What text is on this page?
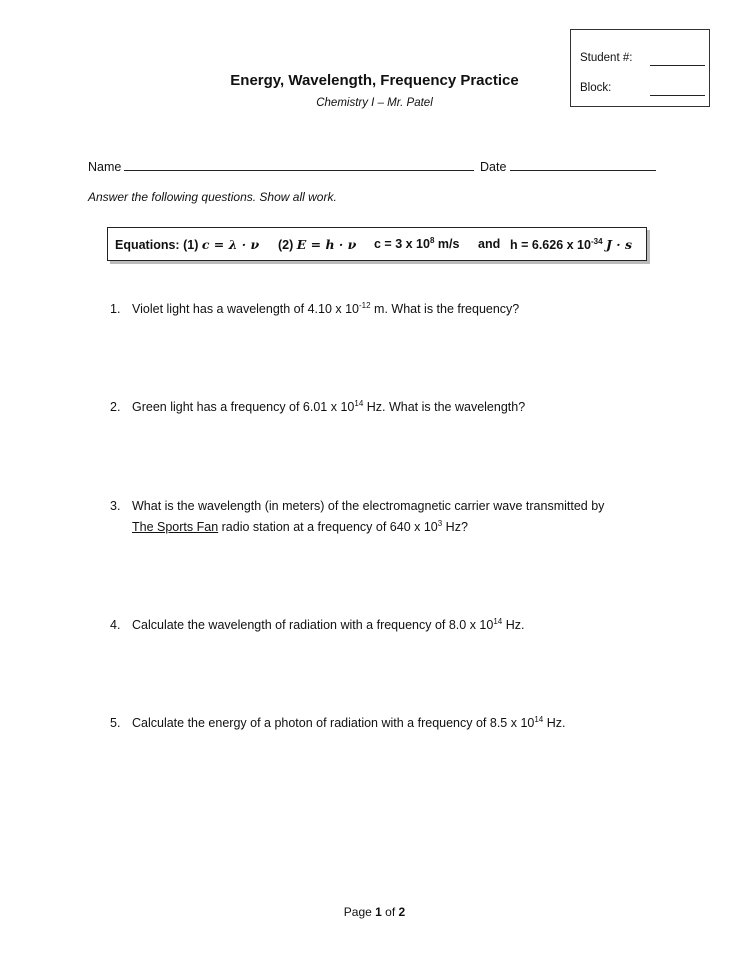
Student #:
Block:
Energy, Wavelength, Frequency Practice
Chemistry I – Mr. Patel
Name	Date
Answer the following questions. Show all work.
Equations: (1) c = λ · ν (2) E = h · ν c = 3 x $10^8$ m/s and h = 6.626 x $10^{-34}$ J · s
1. Violet light has a wavelength of 4.10 x $10^{-12}$ m. What is the frequency?
2. Green light has a frequency of 6.01 x $10^{14}$ Hz. What is the wavelength?
3. What is the wavelength (in meters) of the electromagnetic carrier wave transmitted by
The Sports Fan radio station at a frequency of 640 x $10^3$ Hz?
4. Calculate the wavelength of radiation with a frequency of 8.0 x $10^{14}$ Hz.
5. Calculate the energy of a photon of radiation with a frequency of 8.5 x $10^{14}$ Hz.
Page 1 of 2
